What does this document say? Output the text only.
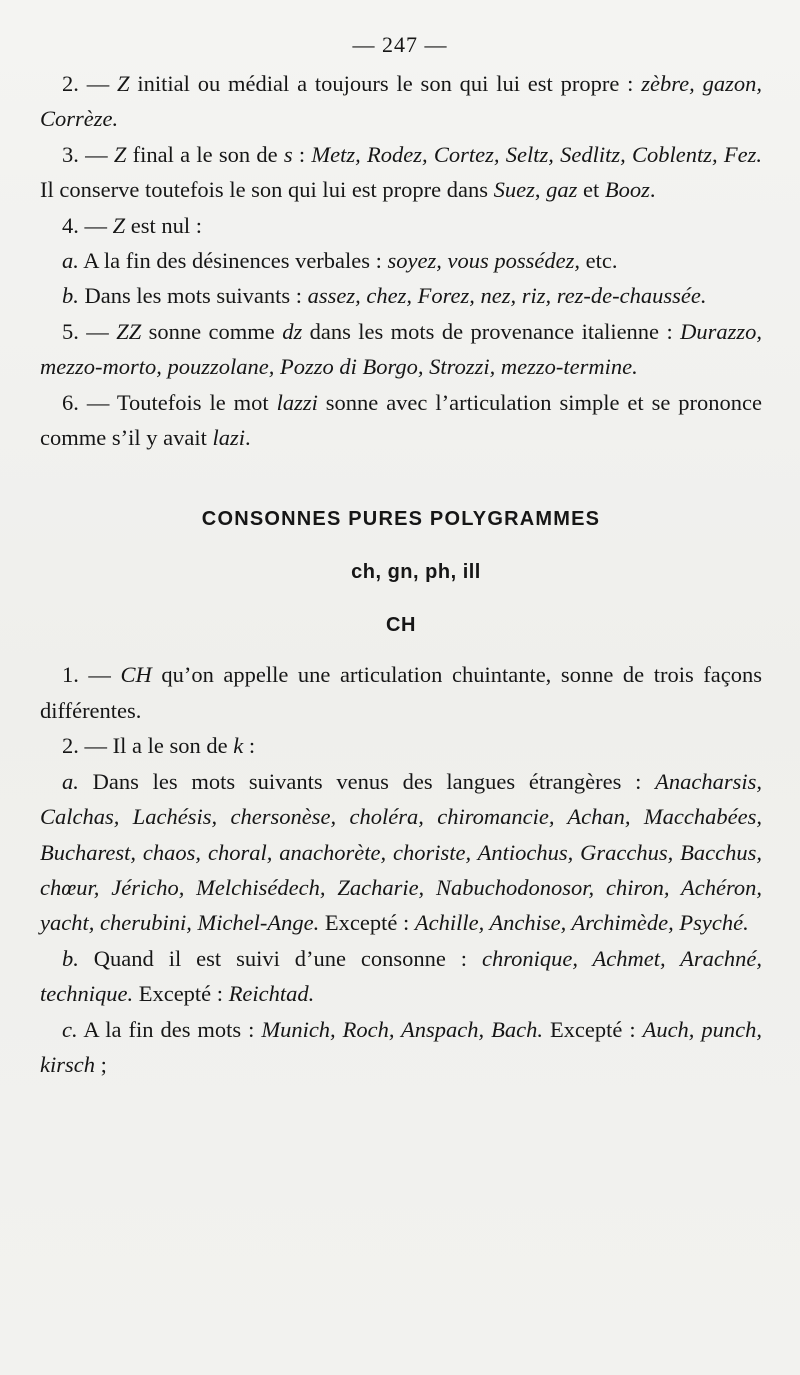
— 247 —

2. — Z initial ou médial a toujours le son qui lui est propre : zèbre, gazon, Corrèze.

3. — Z final a le son de s : Metz, Rodez, Cortez, Seltz, Sedlitz, Coblentz, Fez. Il conserve toutefois le son qui lui est propre dans Suez, gaz et Booz.

4. — Z est nul :

a. A la fin des désinences verbales : soyez, vous possédez, etc.

b. Dans les mots suivants : assez, chez, Forez, nez, riz, rez-de-chaussée.

5. — ZZ sonne comme dz dans les mots de provenance italienne : Durazzo, mezzo-morto, pouzzolane, Pozzo di Borgo, Strozzi, mezzo-termine.

6. — Toutefois le mot lazzi sonne avec l’articulation simple et se prononce comme s’il y avait lazi.

CONSONNES PURES POLYGRAMMES
ch, gn, ph, ill
CH

1. — CH qu’on appelle une articulation chuintante, sonne de trois façons différentes.

2. — Il a le son de k :

a. Dans les mots suivants venus des langues étrangères : Anacharsis, Calchas, Lachésis, chersonèse, choléra, chiromancie, Achan, Macchabées, Bucharest, chaos, choral, anachorète, choriste, Antiochus, Gracchus, Bacchus, chœur, Jéricho, Melchisédech, Zacharie, Nabuchodonosor, chiron, Achéron, yacht, cherubini, Michel-Ange. Excepté : Achille, Anchise, Archimède, Psyché.

b. Quand il est suivi d’une consonne : chronique, Achmet, Arachné, technique. Excepté : Reichtad.

c. A la fin des mots : Munich, Roch, Anspach, Bach. Excepté : Auch, punch, kirsch ;
